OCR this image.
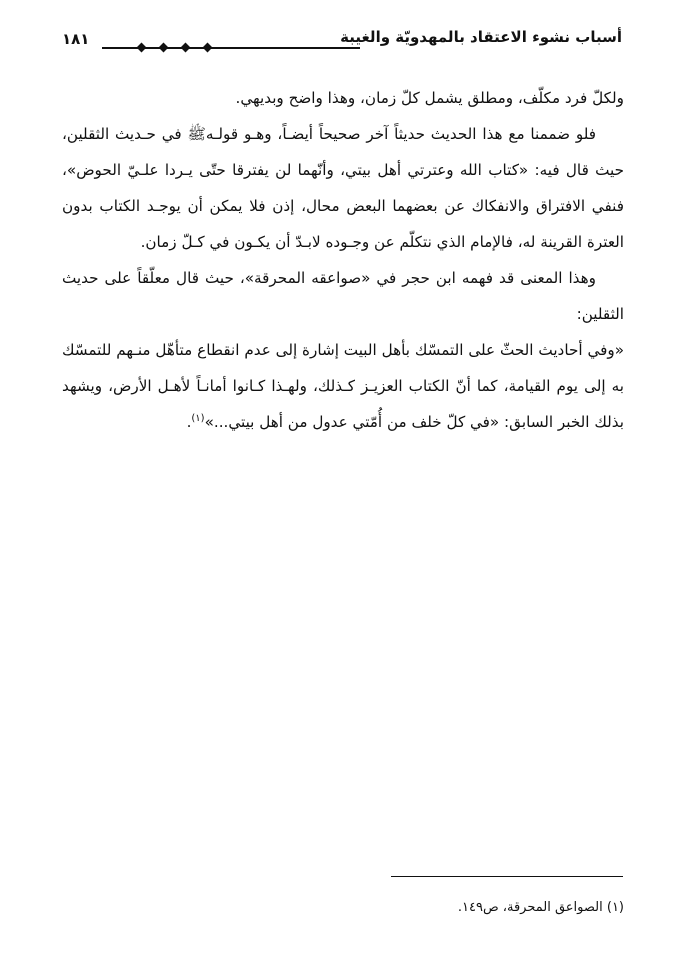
أسباب نشوء الاعتقاد بالمهدويّة والغيبة
١٨١

ولكلّ فرد مكلّف، ومطلق يشمل كلّ زمان، وهذا واضح وبديهي.

فلو ضممنا مع هذا الحديث حديثاً آخر صحيحاً أيضـاً، وهـو قولـهﷺ في حـديث الثقلين، حيث قال فيه: «كتاب الله وعترتي أهل بيتي، وأنّهما لن يفترقا حتّى يـردا علـيّ الحوض»، فنفي الافتراق والانفكاك عن بعضهما البعض محال، إذن فلا يمكن أن يوجـد الكتاب بدون العترة القرينة له، فالإمام الذي نتكلّم عن وجـوده لابـدّ أن يكـون في كـلّ زمان.

وهذا المعنى قد فهمه ابن حجر في «صواعقه المحرقة»، حيث قال معلّقاً على حديث الثقلين:

«وفي أحاديث الحثّ على التمسّك بأهل البيت إشارة إلى عدم انقطاع متأهّل منـهم للتمسّك به إلى يوم القيامة، كما أنّ الكتاب العزيـز كـذلك، ولهـذا كـانوا أمانـاً لأهـل الأرض، ويشهد بذلك الخبر السابق: «في كلّ خلف من أُمّتي عدول من أهل بيتي...»$^{(١)}$.

(١) الصواعق المحرقة، ص١٤٩.
